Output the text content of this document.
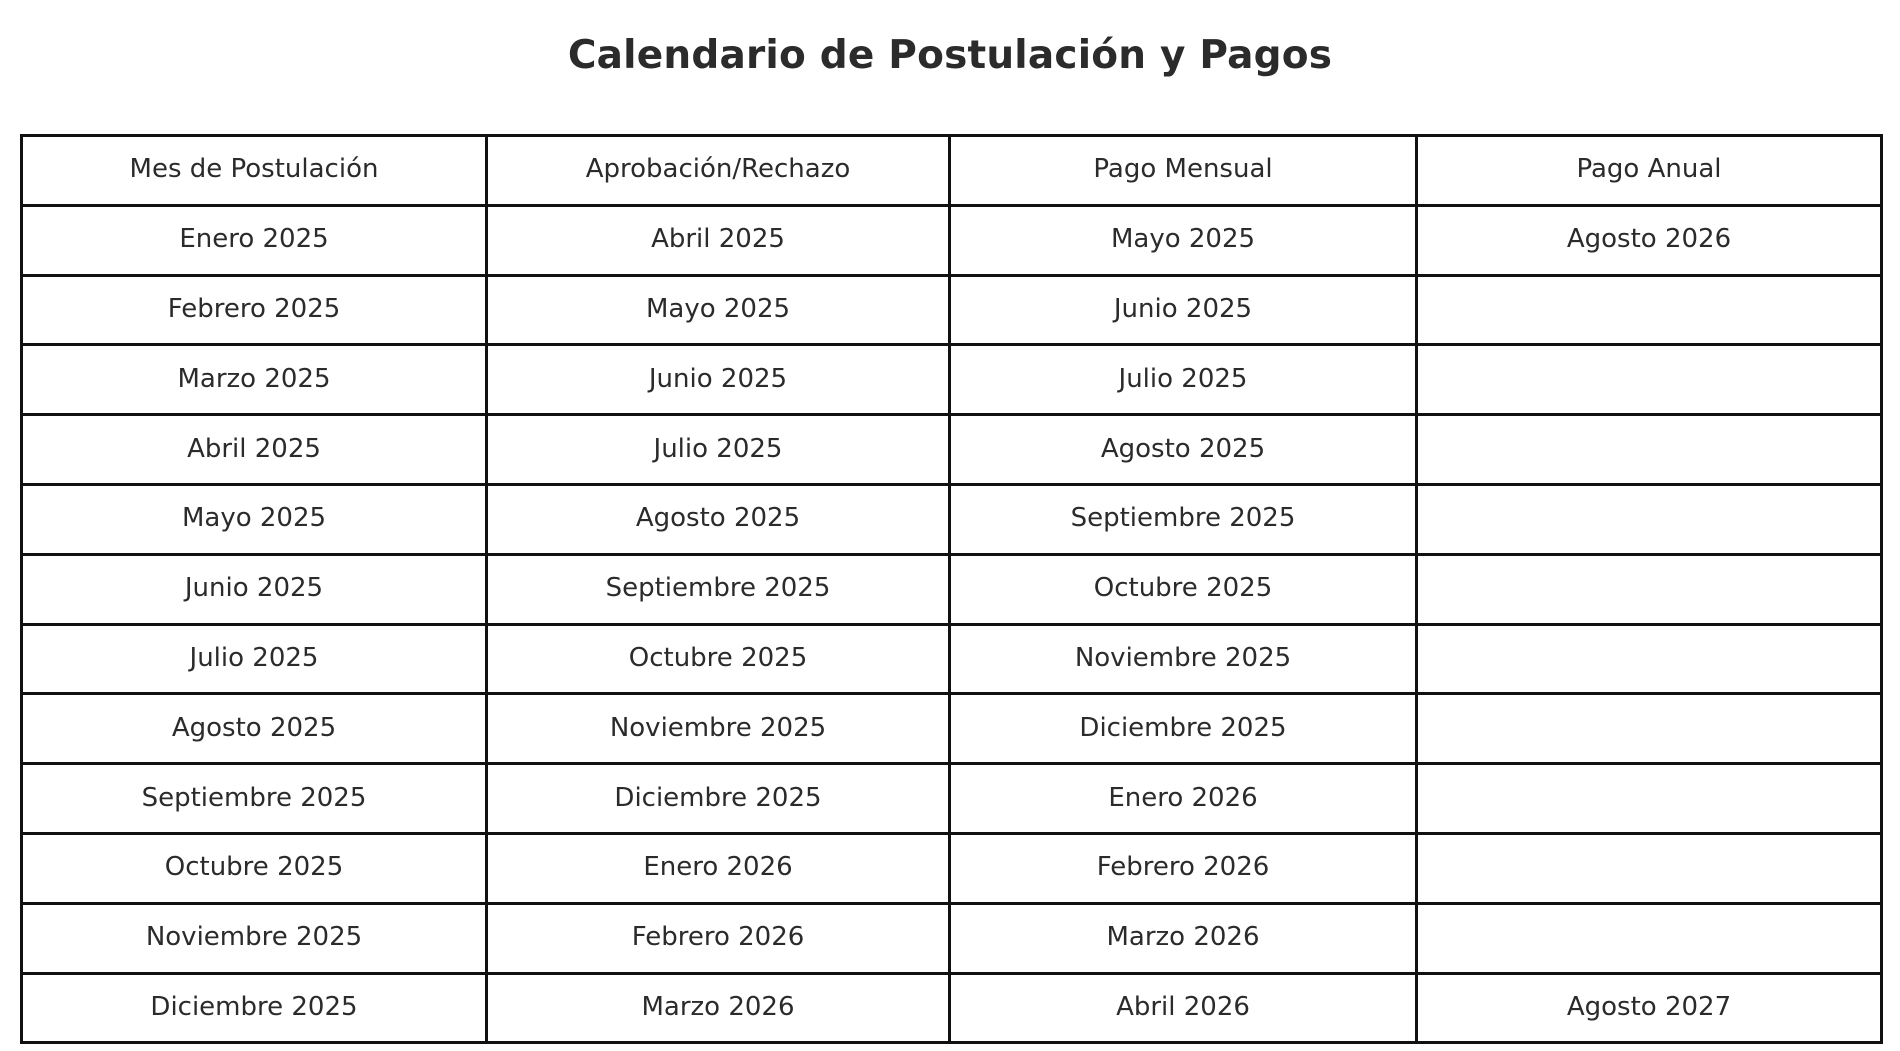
Calendario de Postulación y Pagos
Mes de Postulación	Aprobación/Rechazo	Pago Mensual	Pago Anual
Enero 2025	Abril 2025	Mayo 2025	Agosto 2026
Febrero 2025	Mayo 2025	Junio 2025	
Marzo 2025	Junio 2025	Julio 2025	
Abril 2025	Julio 2025	Agosto 2025	
Mayo 2025	Agosto 2025	Septiembre 2025	
Junio 2025	Septiembre 2025	Octubre 2025	
Julio 2025	Octubre 2025	Noviembre 2025	
Agosto 2025	Noviembre 2025	Diciembre 2025	
Septiembre 2025	Diciembre 2025	Enero 2026	
Octubre 2025	Enero 2026	Febrero 2026	
Noviembre 2025	Febrero 2026	Marzo 2026	
Diciembre 2025	Marzo 2026	Abril 2026	Agosto 2027
